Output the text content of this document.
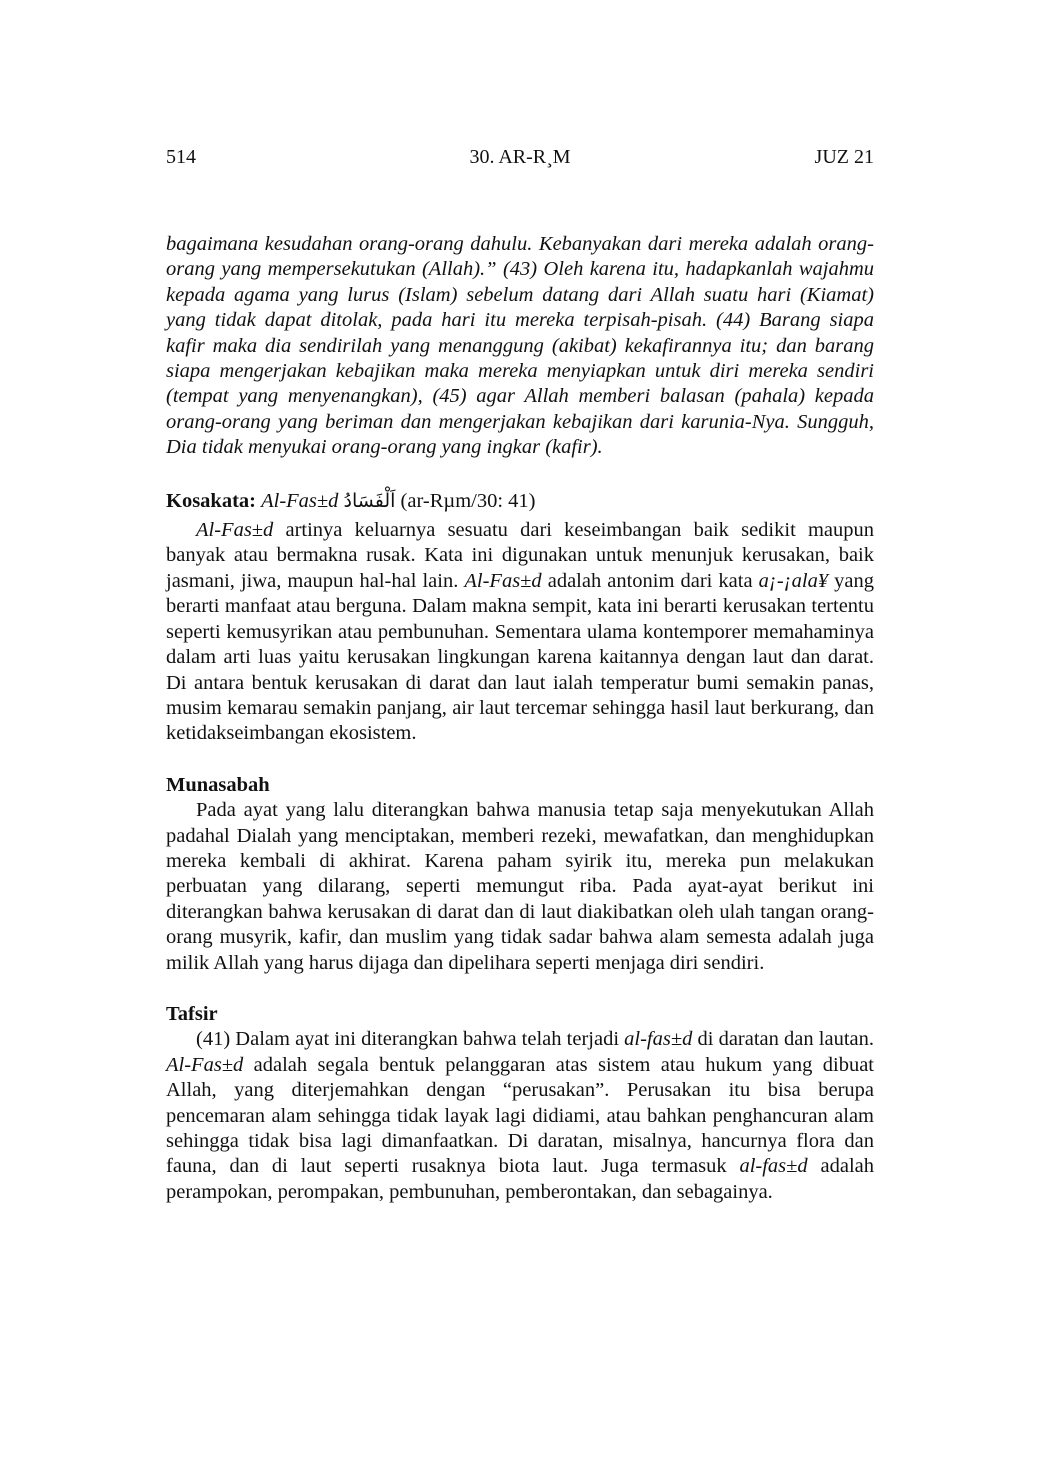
514	30. AR-R¸M	JUZ 21

bagaimana kesudahan orang-orang dahulu. Kebanyakan dari mereka adalah orang-orang yang mempersekutukan (Allah).” (43) Oleh karena itu, hadapkanlah wajahmu kepada agama yang lurus (Islam) sebelum datang dari Allah suatu hari (Kiamat) yang tidak dapat ditolak, pada hari itu mereka terpisah-pisah. (44) Barang siapa kafir maka dia sendirilah yang menanggung (akibat) kekafirannya itu; dan barang siapa mengerjakan kebajikan maka mereka menyiapkan untuk diri mereka sendiri (tempat yang menyenangkan), (45) agar Allah memberi balasan (pahala) kepada orang-orang yang beriman dan mengerjakan kebajikan dari karunia-Nya. Sungguh, Dia tidak menyukai orang-orang yang ingkar (kafir).

Kosakata: Al-Fas±d اَلْفَسَادُ (ar-Rµm/30: 41)

Al-Fas±d artinya keluarnya sesuatu dari keseimbangan baik sedikit maupun banyak atau bermakna rusak. Kata ini digunakan untuk menunjuk kerusakan, baik jasmani, jiwa, maupun hal-hal lain. Al-Fas±d adalah antonim dari kata a¡-¡ala¥ yang berarti manfaat atau berguna. Dalam makna sempit, kata ini berarti kerusakan tertentu seperti kemusyrikan atau pembunuhan. Sementara ulama kontemporer memahaminya dalam arti luas yaitu kerusakan lingkungan karena kaitannya dengan laut dan darat. Di antara bentuk kerusakan di darat dan laut ialah temperatur bumi semakin panas, musim kemarau semakin panjang, air laut tercemar sehingga hasil laut berkurang, dan ketidakseimbangan ekosistem.

Munasabah

Pada ayat yang lalu diterangkan bahwa manusia tetap saja menyekutukan Allah padahal Dialah yang menciptakan, memberi rezeki, mewafatkan, dan menghidupkan mereka kembali di akhirat. Karena paham syirik itu, mereka pun melakukan perbuatan yang dilarang, seperti memungut riba. Pada ayat-ayat berikut ini diterangkan bahwa kerusakan di darat dan di laut diakibatkan oleh ulah tangan orang-orang musyrik, kafir, dan muslim yang tidak sadar bahwa alam semesta adalah juga milik Allah yang harus dijaga dan dipelihara seperti menjaga diri sendiri.

Tafsir

(41) Dalam ayat ini diterangkan bahwa telah terjadi al-fas±d di daratan dan lautan. Al-Fas±d adalah segala bentuk pelanggaran atas sistem atau hukum yang dibuat Allah, yang diterjemahkan dengan “perusakan”. Perusakan itu bisa berupa pencemaran alam sehingga tidak layak lagi didiami, atau bahkan penghancuran alam sehingga tidak bisa lagi dimanfaatkan. Di daratan, misalnya, hancurnya flora dan fauna, dan di laut seperti rusaknya biota laut. Juga termasuk al-fas±d adalah perampokan, perompakan, pembunuhan, pemberontakan, dan sebagainya.
